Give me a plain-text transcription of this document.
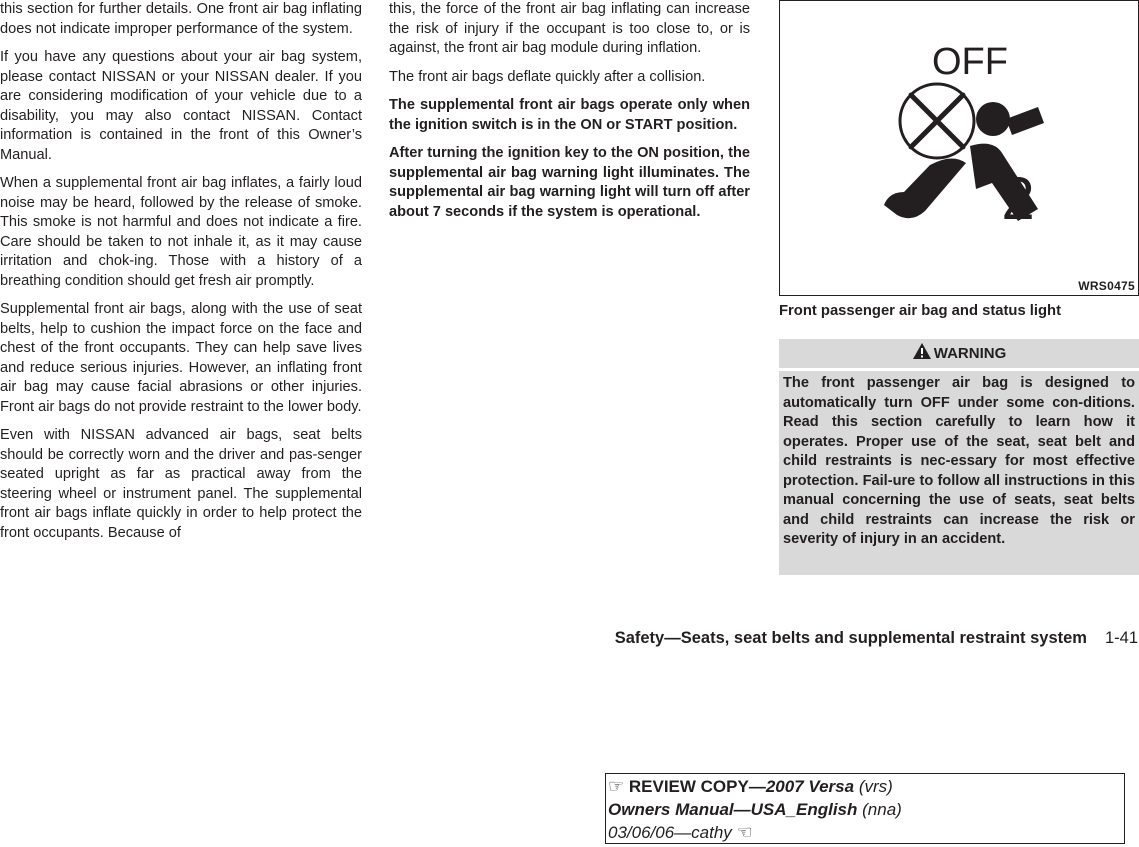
this section for further details. One front air bag inflating does not indicate improper performance of the system.

If you have any questions about your air bag system, please contact NISSAN or your NISSAN dealer. If you are considering modification of your vehicle due to a disability, you may also contact NISSAN. Contact information is contained in the front of this Owner’s Manual.

When a supplemental front air bag inflates, a fairly loud noise may be heard, followed by the release of smoke. This smoke is not harmful and does not indicate a fire. Care should be taken to not inhale it, as it may cause irritation and chok-ing. Those with a history of a breathing condition should get fresh air promptly.

Supplemental front air bags, along with the use of seat belts, help to cushion the impact force on the face and chest of the front occupants. They can help save lives and reduce serious injuries. However, an inflating front air bag may cause facial abrasions or other injuries. Front air bags do not provide restraint to the lower body.

Even with NISSAN advanced air bags, seat belts should be correctly worn and the driver and pas-senger seated upright as far as practical away from the steering wheel or instrument panel. The supplemental front air bags inflate quickly in order to help protect the front occupants. Because of

this, the force of the front air bag inflating can increase the risk of injury if the occupant is too close to, or is against, the front air bag module during inflation.

The front air bags deflate quickly after a collision.

The supplemental front air bags operate only when the ignition switch is in the ON or START position.

After turning the ignition key to the ON position, the supplemental air bag warning light illuminates. The supplemental air bag warning light will turn off after about 7 seconds if the system is operational.

OFF
2
WRS0475
Front passenger air bag and status light
WARNING
The front passenger air bag is designed to automatically turn OFF under some con-ditions. Read this section carefully to learn how it operates. Proper use of the seat, seat belt and child restraints is nec-essary for most effective protection. Fail-ure to follow all instructions in this manual concerning the use of seats, seat belts and child restraints can increase the risk or severity of injury in an accident.
Safety—Seats, seat belts and supplemental restraint system 1-41
☞ REVIEW COPY—2007 Versa (vrs)
Owners Manual—USA_English (nna)
03/06/06—cathy ☜
